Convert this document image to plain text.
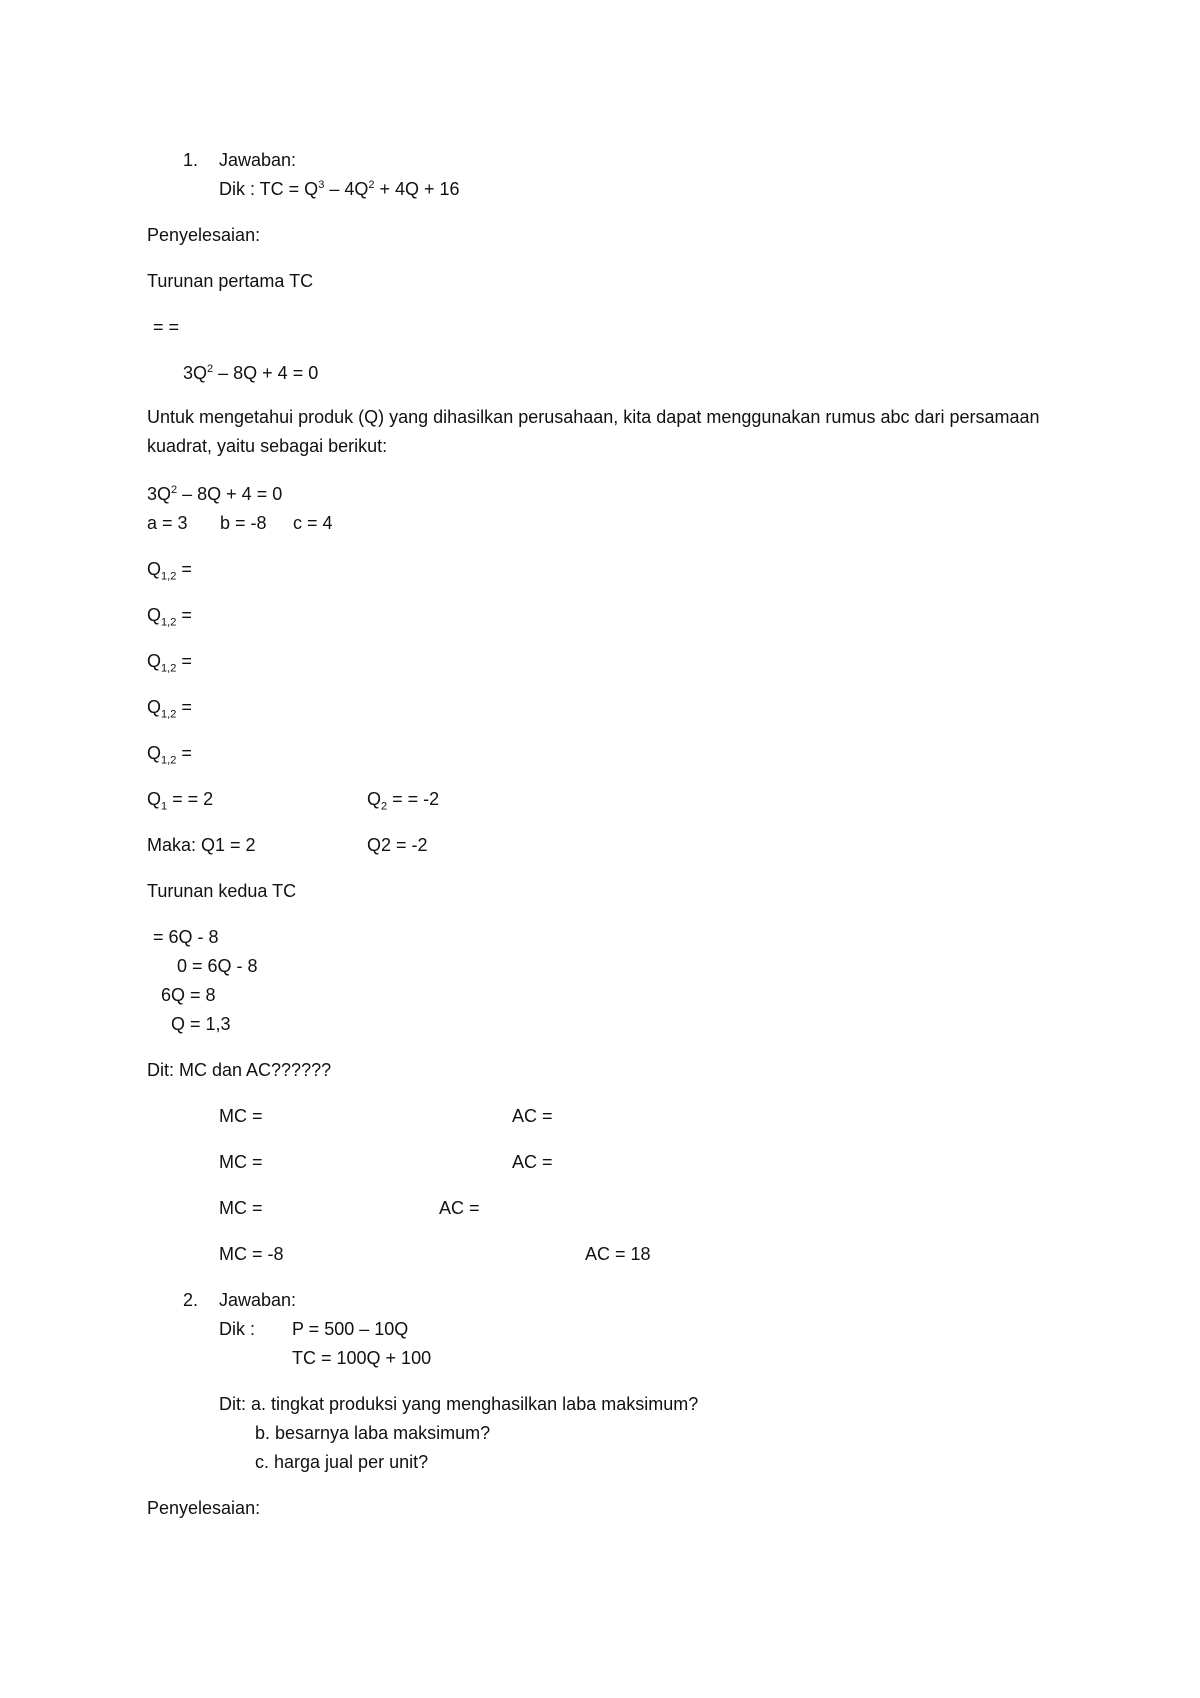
1. Jawaban:
Dik : TC = $Q^3 - 4Q^2 + 4Q + 16$
Penyelesaian:
Turunan pertama TC
= =
$3Q^2 - 8Q + 4 = 0$
Untuk mengetahui produk (Q) yang dihasilkan perusahaan, kita dapat menggunakan rumus abc dari persamaan kuadrat, yaitu sebagai berikut:
$3Q^2 - 8Q + 4 = 0$
a = 3 b = -8 c = 4
$Q_{1,2}$ =
$Q_{1,2}$ =
$Q_{1,2}$ =
$Q_{1,2}$ =
$Q_{1,2}$ =
$Q_1$ = = 2	$Q_2$ = = -2
Maka: Q1 = 2	Q2 = -2
Turunan kedua TC
= 6Q - 8
0 = 6Q - 8
6Q = 8
Q = 1,3
Dit: MC dan AC??????
MC =	AC =
MC =	AC =
MC =	AC =
MC = -8	AC = 18
2. Jawaban:
Dik : P = 500 – 10Q
TC = 100Q + 100
Dit: a. tingkat produksi yang menghasilkan laba maksimum?
b. besarnya laba maksimum?
c. harga jual per unit?
Penyelesaian:
